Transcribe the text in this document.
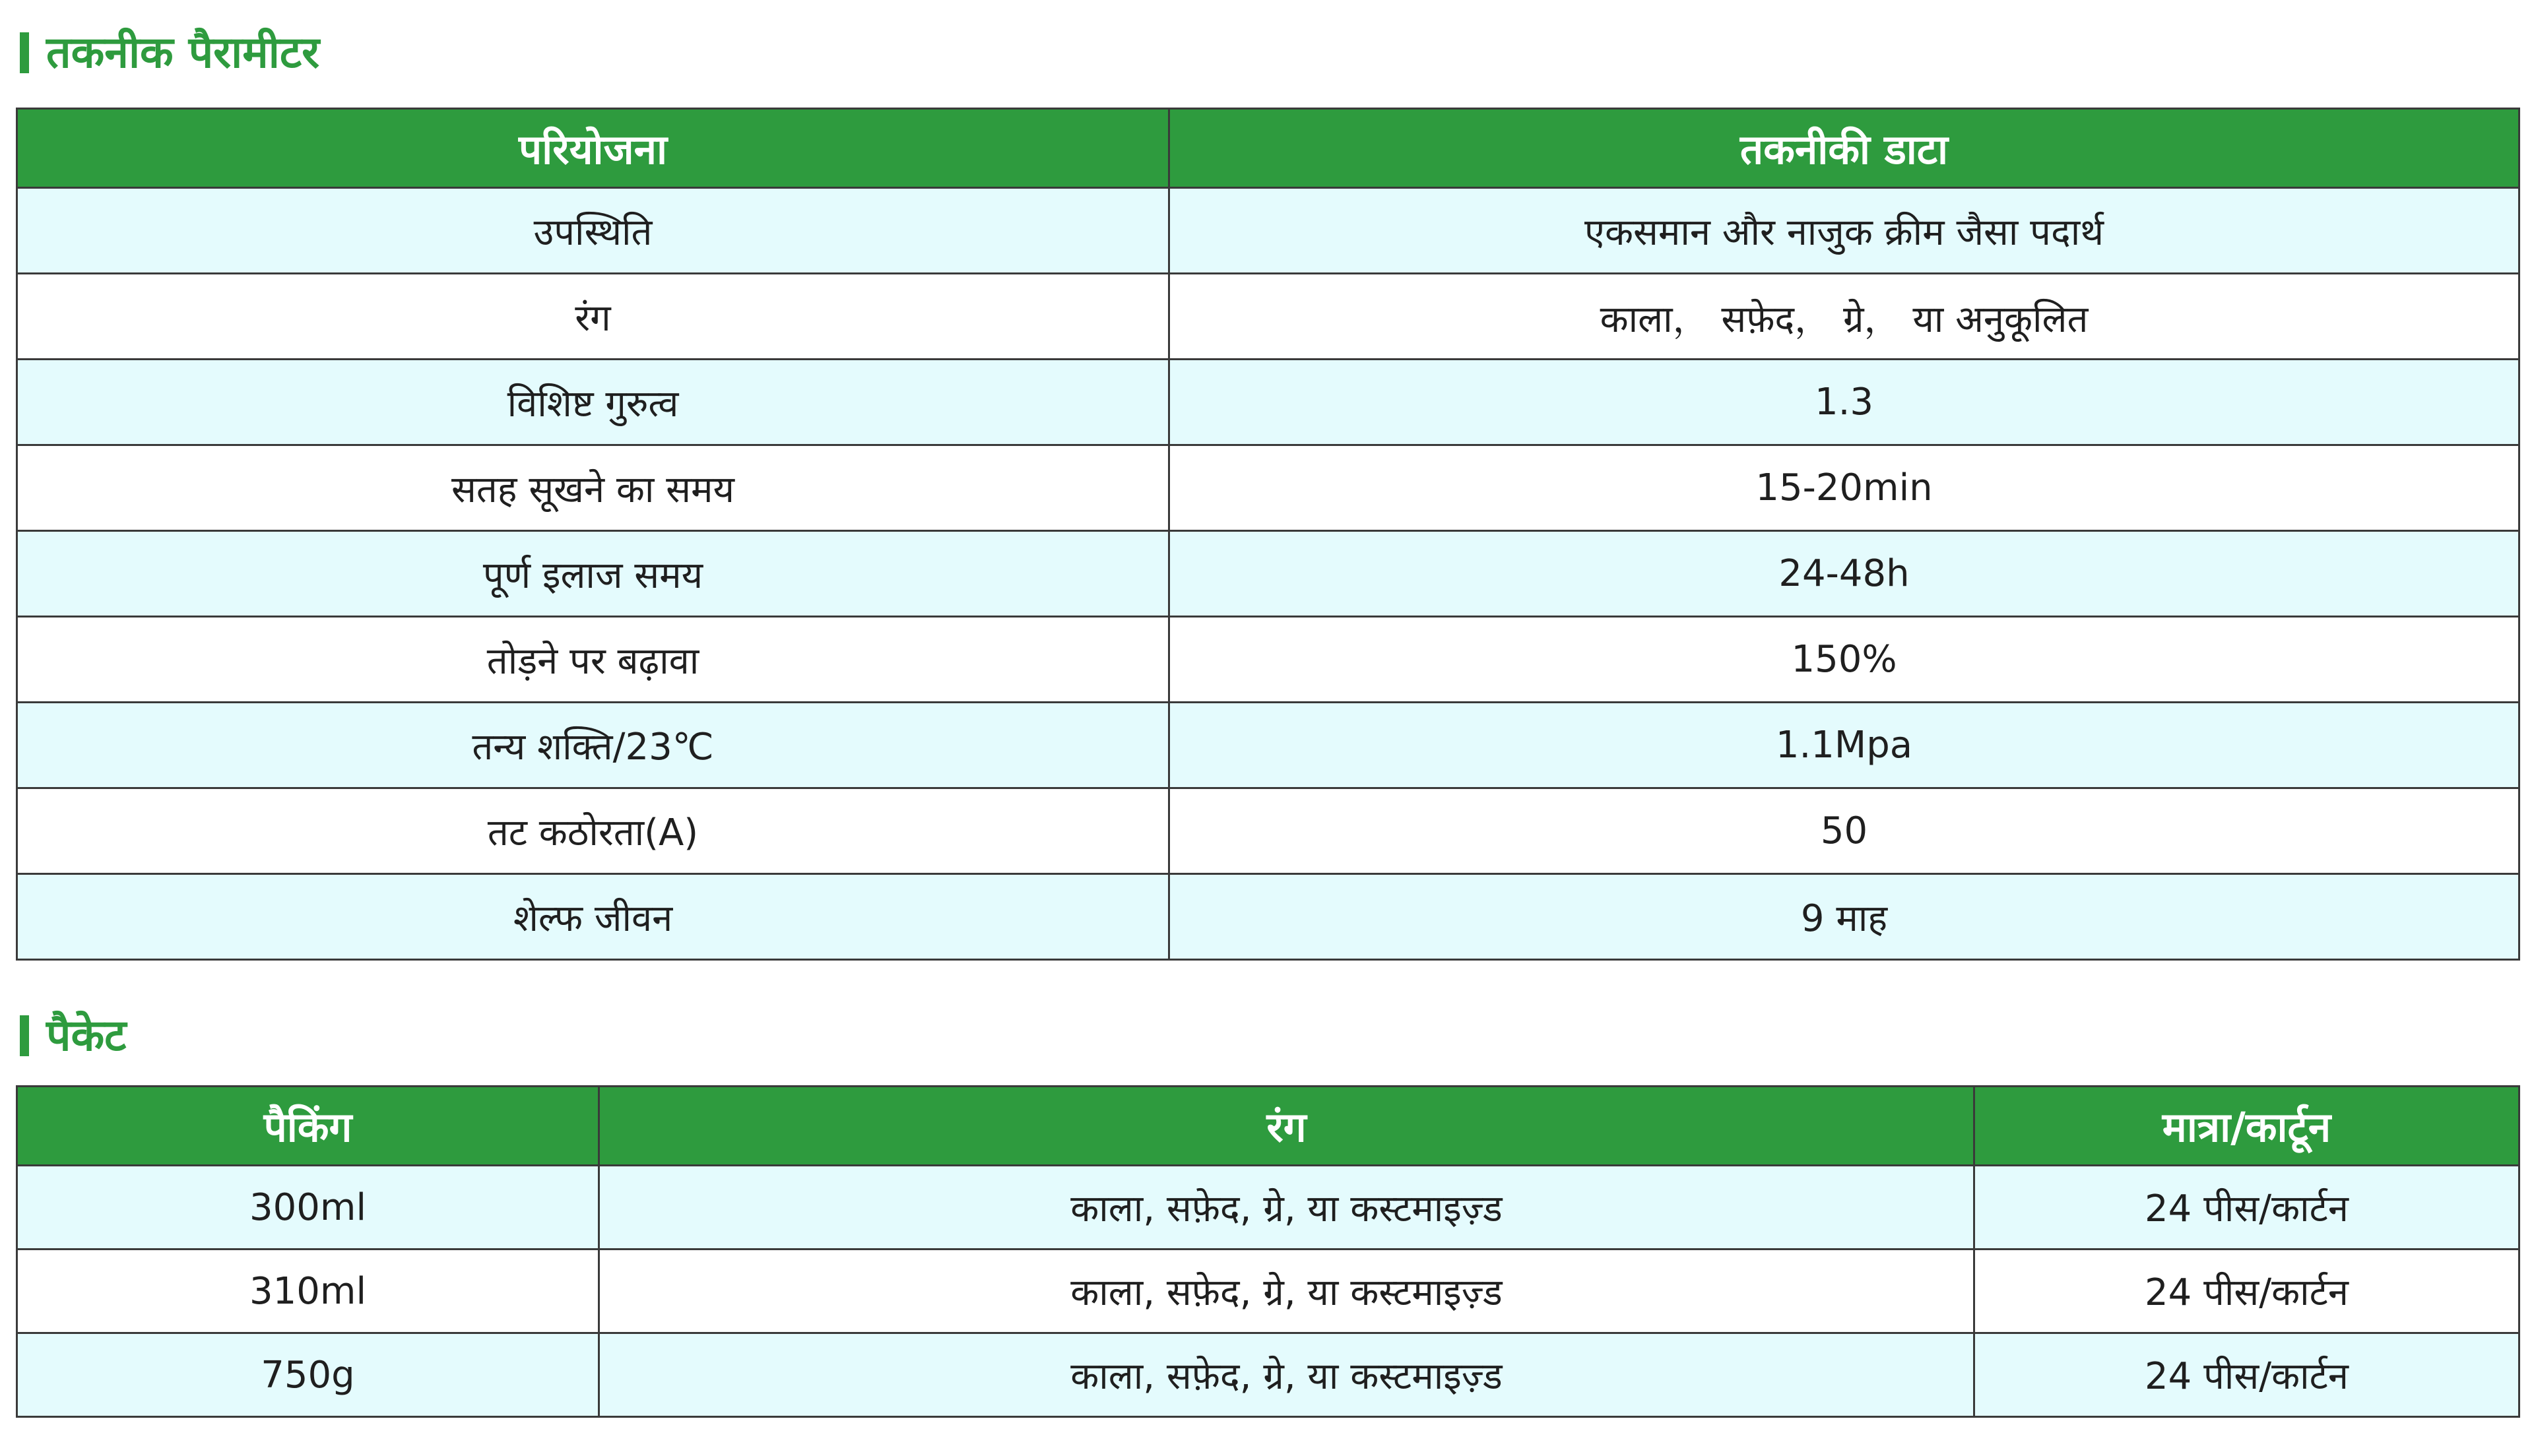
तकनीक पैरामीटर
परियोजना	तकनीकी डाटा
उपस्थिति	एकसमान और नाजुक क्रीम जैसा पदार्थ
रंग	काला， सफ़ेद， ग्रे， या अनुकूलित
विशिष्ट गुरुत्व	1.3
सतह सूखने का समय	15-20min
पूर्ण इलाज समय	24-48h
तोड़ने पर बढ़ावा	150%
तन्य शक्ति/23℃	1.1Mpa
तट कठोरता(A)	50
शेल्फ जीवन	9 माह
पैकेट
पैकिंग	रंग	मात्रा/कार्टून
300ml	काला, सफ़ेद, ग्रे, या कस्टमाइज़्ड	24 पीस/कार्टन
310ml	काला, सफ़ेद, ग्रे, या कस्टमाइज़्ड	24 पीस/कार्टन
750g	काला, सफ़ेद, ग्रे, या कस्टमाइज़्ड	24 पीस/कार्टन
